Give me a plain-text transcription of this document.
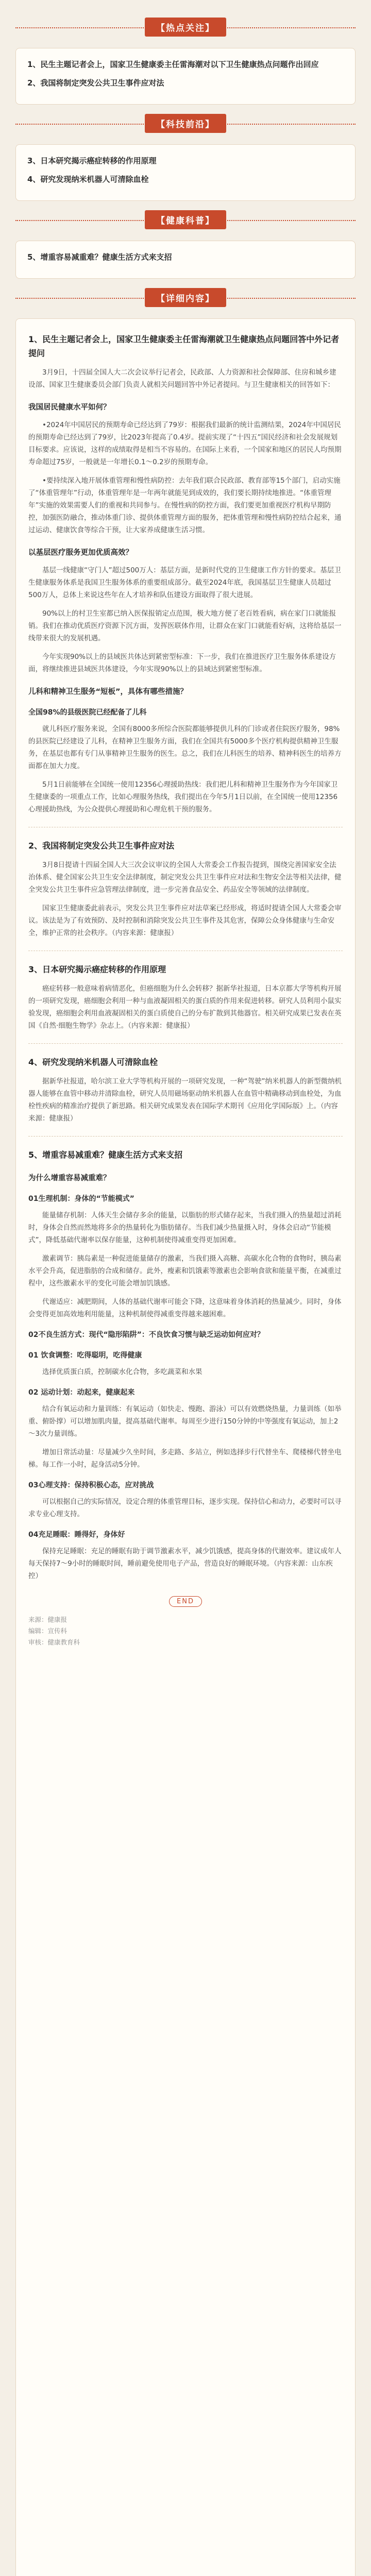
【热点关注】
1、民生主题记者会上，国家卫生健康委主任雷海潮对以下卫生健康热点问题作出回应
2、我国将制定突发公共卫生事件应对法
【科技前沿】
3、日本研究揭示癌症转移的作用原理
4、研究发现纳米机器人可清除血栓
【健康科普】
5、增重容易减重难？健康生活方式来支招
【详细内容】
1、民生主题记者会上，国家卫生健康委主任雷海潮就卫生健康热点问题回答中外记者提问

3月9日，十四届全国人大二次会议举行记者会，民政部、人力资源和社会保障部、住房和城乡建设部、国家卫生健康委员会部门负责人就相关问题回答中外记者提问。与卫生健康相关的回答如下：

我国居民健康水平如何？

•2024年中国居民的预期寿命已经达到了79岁：根据我们最新的统计监测结果，2024年中国居民的预期寿命已经达到了79岁，比2023年提高了0.4岁。提前实现了“十四五”国民经济和社会发展规划目标要求。应该说，这样的成绩取得是相当不容易的。在国际上来看，一个国家和地区的居民人均预期寿命超过75岁，一般就是一年增长0.1～0.2岁的预期寿命。

•要持续深入地开展体重管理和慢性病防控：去年我们联合民政部、教育部等15个部门，启动实施了“体重管理年”行动，体重管理年是一年两年就能见到成效的，我们要长期持续地推进。“体重管理年”实施的效果需要人们的重视和共同参与。在慢性病的防控方面，我们要更加重视医疗机构早期防控，加强医防融合，推动体重门诊、提供体重管理方面的服务，把体重管理和慢性病防控结合起来，通过运动、健康饮食等综合干预，让大家养成健康生活习惯。

以基层医疗服务更加优质高效？

基层一线健康“守门人”超过500万人：基层方面，是新时代党的卫生健康工作方针的要求。基层卫生健康服务体系是我国卫生服务体系的重要组成部分。截至2024年底，我国基层卫生健康人员超过500万人，总体上来说这些年在人才培养和队伍建设方面取得了很大进展。

90%以上的村卫生室都已纳入医保报销定点范围，极大地方便了老百姓看病，病在家门口就能报销。我们在推动优质医疗资源下沉方面，发挥医联体作用，让群众在家门口就能看好病，这将给基层一线带来很大的发展机遇。

今年实现90%以上的县域医共体达到紧密型标准：下一步，我们在推进医疗卫生服务体系建设方面，将继续推进县域医共体建设，今年实现90%以上的县域达到紧密型标准。

儿科和精神卫生服务“短板”，具体有哪些措施？
全国98%的县级医院已经配备了儿科

就儿科医疗服务来说，全国有8000多所综合医院都能够提供儿科的门诊或者住院医疗服务，98%的县医院已经建设了儿科，在精神卫生服务方面，我们在全国共有5000多个医疗机构提供精神卫生服务，在基层也都有专门从事精神卫生服务的医生。总之，我们在儿科医生的培养、精神科医生的培养方面都在加大力度。

5月1日前能够在全国统一使用12356心理援助热线：我们把儿科和精神卫生服务作为今年国家卫生健康委的一项重点工作，比如心理服务热线，我们提出在今年5月1日以前，在全国统一使用12356心理援助热线，为公众提供心理援助和心理危机干预的服务。

2、我国将制定突发公共卫生事件应对法

3月8日提请十四届全国人大三次会议审议的全国人大常委会工作报告提到，围绕完善国家安全法治体系、健全国家公共卫生安全法律制度，制定突发公共卫生事件应对法和生物安全法等相关法律，健全突发公共卫生事件应急管理法律制度，进一步完善食品安全、药品安全等领域的法律制度。

国家卫生健康委此前表示，突发公共卫生事件应对法草案已经形成，将适时提请全国人大常委会审议。该法是为了有效预防、及时控制和消除突发公共卫生事件及其危害，保障公众身体健康与生命安全，维护正常的社会秩序。（内容来源：健康报）

3、日本研究揭示癌症转移的作用原理

癌症转移一般意味着病情恶化，但癌细胞为什么会转移？据新华社报道，日本京都大学等机构开展的一项研究发现，癌细胞会利用一种与血液凝固相关的蛋白质的作用来促进转移。研究人员利用小鼠实验发现，癌细胞会利用血液凝固相关的蛋白质使自己的分布扩散到其他器官。相关研究成果已发表在英国《自然·细胞生物学》杂志上。（内容来源：健康报）

4、研究发现纳米机器人可清除血栓

据新华社报道，哈尔滨工业大学等机构开展的一项研究发现，一种“驾驶”纳米机器人的新型微纳机器人能够在血管中移动并清除血栓，研究人员用磁场驱动纳米机器人在血管中精确移动到血栓处，为血栓性疾病的精准治疗提供了新思路。相关研究成果发表在国际学术期刊《应用化学国际版》上。（内容来源：健康报）

5、增重容易减重难？健康生活方式来支招
为什么增重容易减重难？
01生理机制：身体的“节能模式”

能量储存机制：人体天生会储存多余的能量，以脂肪的形式储存起来，当我们摄入的热量超过消耗时，身体会自然而然地将多余的热量转化为脂肪储存。当我们减少热量摄入时，身体会启动“节能模式”，降低基础代谢率以保存能量，这种机制使得减重变得更加困难。

激素调节：胰岛素是一种促进能量储存的激素，当我们摄入高糖、高碳水化合物的食物时，胰岛素水平会升高，促进脂肪的合成和储存。此外，瘦素和饥饿素等激素也会影响食欲和能量平衡，在减重过程中，这些激素水平的变化可能会增加饥饿感。

代谢适应：减肥期间，人体的基础代谢率可能会下降，这意味着身体消耗的热量减少。同时，身体会变得更加高效地利用能量，这种机制使得减重变得越来越困难。

02不良生活方式：现代“隐形陷阱”：不良饮食习惯与缺乏运动如何应对？
01 饮食调整：吃得聪明，吃得健康

选择优质蛋白质，控制碳水化合物，多吃蔬菜和水果

02 运动计划：动起来，健康起来

结合有氧运动和力量训练：有氧运动（如快走、慢跑、游泳）可以有效燃烧热量，力量训练（如举重、俯卧撑）可以增加肌肉量，提高基础代谢率。每周至少进行150分钟的中等强度有氧运动，加上2～3次力量训练。

增加日常活动量：尽量减少久坐时间，多走路、多站立，例如选择步行代替坐车、爬楼梯代替坐电梯。每工作一小时，起身活动5分钟。

03心理支持：保持积极心态，应对挑战

可以根据自己的实际情况，设定合理的体重管理目标，逐步实现。保持信心和动力，必要时可以寻求专业心理支持。

04充足睡眠：睡得好，身体好

保持充足睡眠：充足的睡眠有助于调节激素水平，减少饥饿感，提高身体的代谢效率。建议成年人每天保持7～9小时的睡眠时间，睡前避免使用电子产品，营造良好的睡眠环境。（内容来源：山东疾控）

END
来源：健康报
编辑：宣传科
审核：健康教育科
